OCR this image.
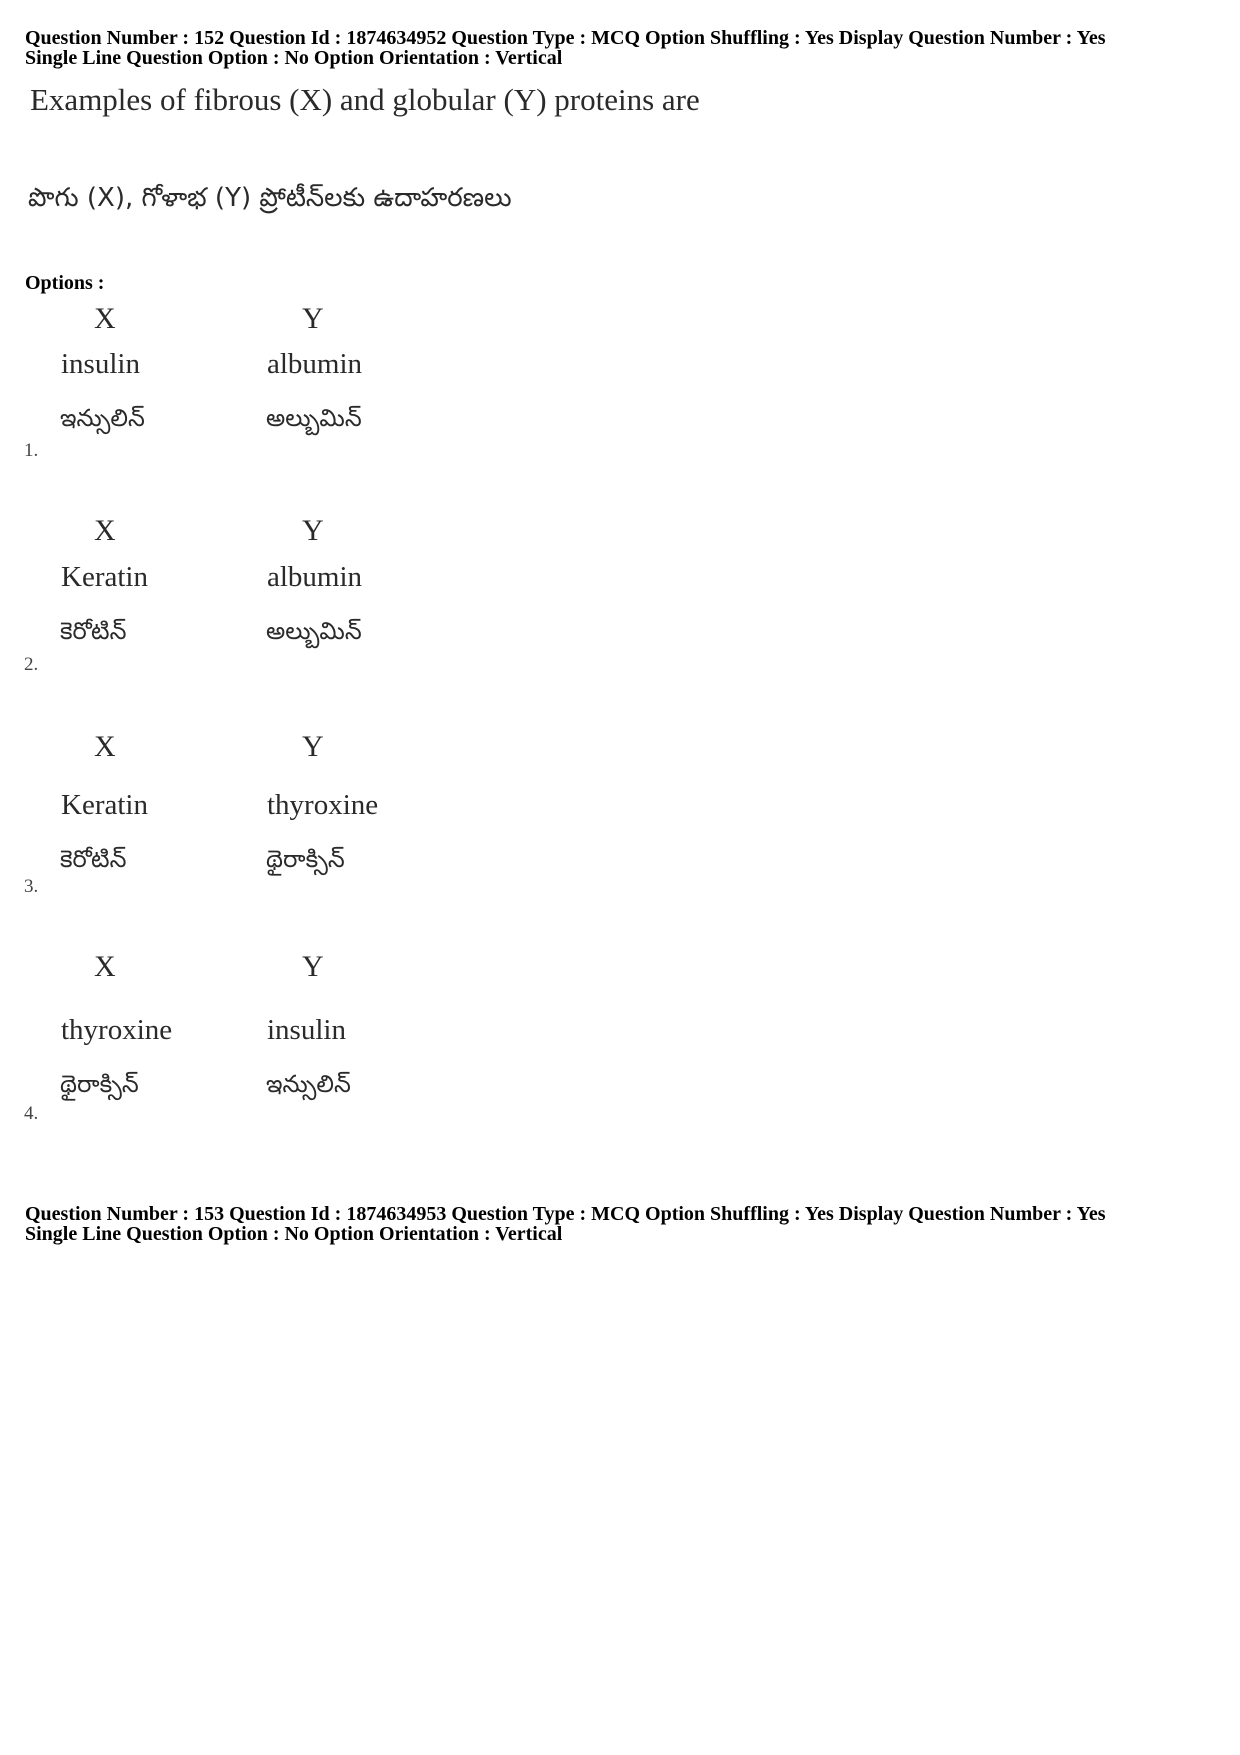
Question Number : 152 Question Id : 1874634952 Question Type : MCQ Option Shuffling : Yes Display Question Number : Yes
Single Line Question Option : No Option Orientation : Vertical
Examples of fibrous (X) and globular (Y) proteins are
పొగు (X), గోళాభ (Y) ప్రోటీన్‌లకు ఉదాహరణలు
Options :
X	Y
insulin	albumin
ఇన్సులిన్	అల్బుమిన్
1.
X	Y
Keratin	albumin
కెరోటిన్	అల్బుమిన్
2.
X	Y
Keratin	thyroxine
కెరోటిన్	థైరాక్సిన్
3.
X	Y
thyroxine	insulin
థైరాక్సిన్	ఇన్సులిన్
4.
Question Number : 153 Question Id : 1874634953 Question Type : MCQ Option Shuffling : Yes Display Question Number : Yes
Single Line Question Option : No Option Orientation : Vertical
